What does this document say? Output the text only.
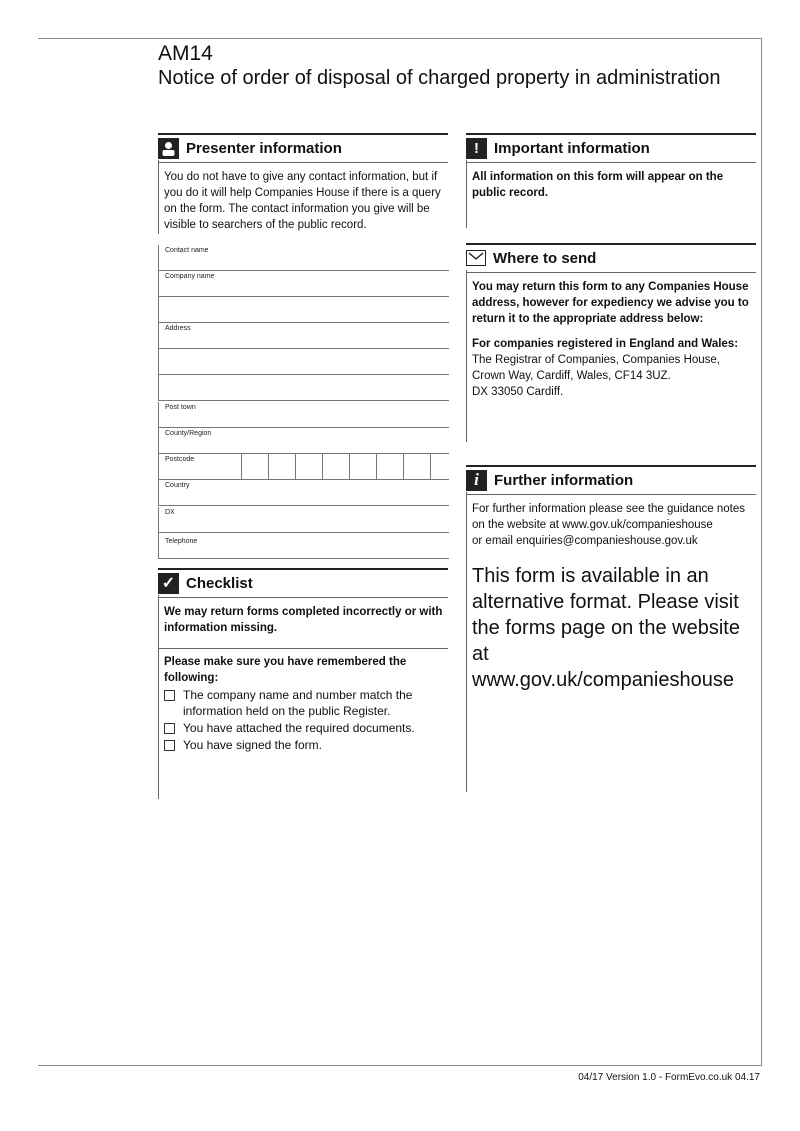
AM14
Notice of order of disposal of charged property in administration
Presenter information
You do not have to give any contact information, but if you do it will help Companies House if there is a query on the form. The contact information you give will be visible to searchers of the public record.
Contact name
Company name
Address
Post town
County/Region
Postcode
Country
DX
Telephone
✓ Checklist
We may return forms completed incorrectly or with information missing.
Please make sure you have remembered the following:
The company name and number match the information held on the public Register.
You have attached the required documents.
You have signed the form.
!	Important information
All information on this form will appear on the public record.
Where to send
You may return this form to any Companies House address, however for expediency we advise you to return it to the appropriate address below:
For companies registered in England and Wales:
The Registrar of Companies, Companies House,
Crown Way, Cardiff, Wales, CF14 3UZ.
DX 33050 Cardiff.
i	Further information
For further information please see the guidance notes
on the website at www.gov.uk/companieshouse
or email enquiries@companieshouse.gov.uk
This form is available in an alternative format. Please visit the forms page on the website at www.gov.uk/companieshouse
04/17 Version 1.0 - FormEvo.co.uk 04.17
